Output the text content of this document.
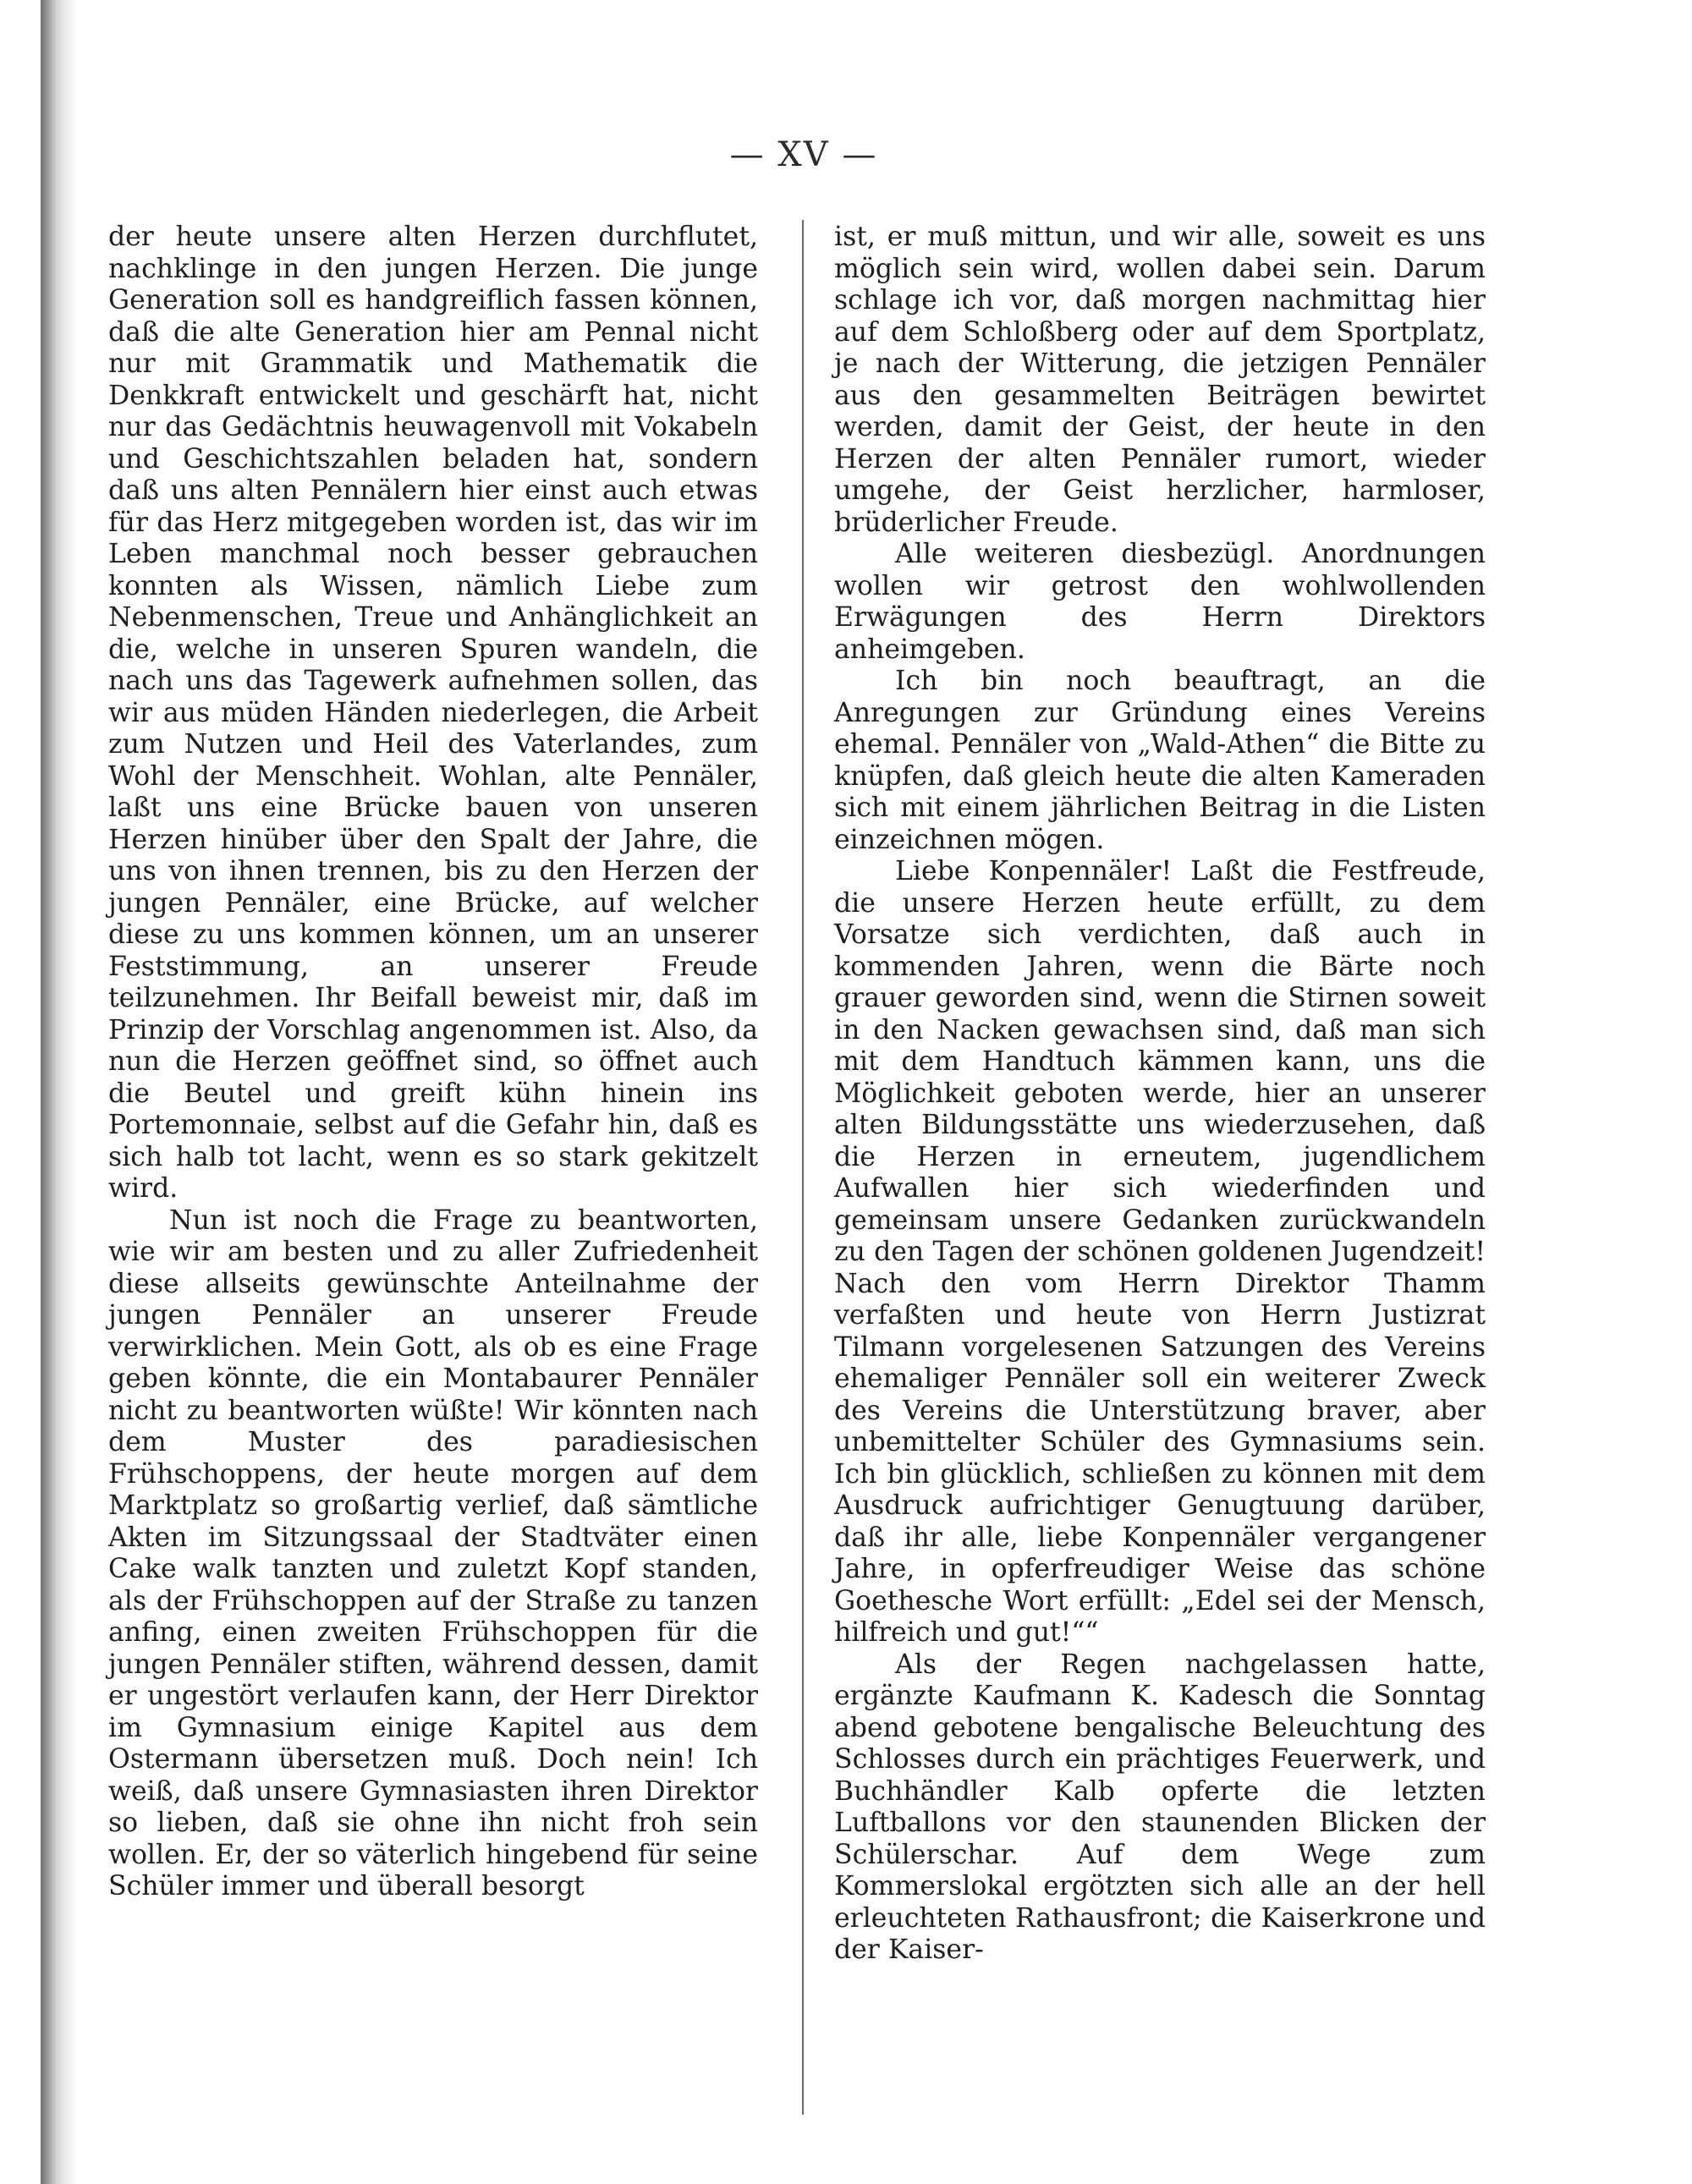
— XV —

der heute unsere alten Herzen durchflutet, nachklinge in den jungen Herzen. Die junge Generation soll es handgreiflich fassen können, daß die alte Generation hier am Pennal nicht nur mit Grammatik und Mathematik die Denkkraft entwickelt und geschärft hat, nicht nur das Gedächtnis heuwagenvoll mit Vokabeln und Geschichtszahlen beladen hat, sondern daß uns alten Pennälern hier einst auch etwas für das Herz mitgegeben worden ist, das wir im Leben manchmal noch besser gebrauchen konnten als Wissen, nämlich Liebe zum Nebenmenschen, Treue und Anhänglichkeit an die, welche in unseren Spuren wandeln, die nach uns das Tagewerk aufnehmen sollen, das wir aus müden Händen niederlegen, die Arbeit zum Nutzen und Heil des Vaterlandes, zum Wohl der Menschheit. Wohlan, alte Pennäler, laßt uns eine Brücke bauen von unseren Herzen hinüber über den Spalt der Jahre, die uns von ihnen trennen, bis zu den Herzen der jungen Pennäler, eine Brücke, auf welcher diese zu uns kommen können, um an unserer Feststimmung, an unserer Freude teilzunehmen. Ihr Beifall beweist mir, daß im Prinzip der Vorschlag angenommen ist. Also, da nun die Herzen geöffnet sind, so öffnet auch die Beutel und greift kühn hinein ins Portemonnaie, selbst auf die Gefahr hin, daß es sich halb tot lacht, wenn es so stark gekitzelt wird.

Nun ist noch die Frage zu beantworten, wie wir am besten und zu aller Zufriedenheit diese allseits gewünschte Anteilnahme der jungen Pennäler an unserer Freude verwirklichen. Mein Gott, als ob es eine Frage geben könnte, die ein Montabaurer Pennäler nicht zu beantworten wüßte! Wir könnten nach dem Muster des paradiesischen Frühschoppens, der heute morgen auf dem Marktplatz so großartig verlief, daß sämtliche Akten im Sitzungssaal der Stadtväter einen Cake walk tanzten und zuletzt Kopf standen, als der Frühschoppen auf der Straße zu tanzen anfing, einen zweiten Frühschoppen für die jungen Pennäler stiften, während dessen, damit er ungestört verlaufen kann, der Herr Direktor im Gymnasium einige Kapitel aus dem Ostermann übersetzen muß. Doch nein! Ich weiß, daß unsere Gymnasiasten ihren Direktor so lieben, daß sie ohne ihn nicht froh sein wollen. Er, der so väterlich hingebend für seine Schüler immer und überall besorgt

ist, er muß mittun, und wir alle, soweit es uns möglich sein wird, wollen dabei sein. Darum schlage ich vor, daß morgen nachmittag hier auf dem Schloßberg oder auf dem Sportplatz, je nach der Witterung, die jetzigen Pennäler aus den gesammelten Beiträgen bewirtet werden, damit der Geist, der heute in den Herzen der alten Pennäler rumort, wieder umgehe, der Geist herzlicher, harmloser, brüderlicher Freude.

Alle weiteren diesbezügl. Anordnungen wollen wir getrost den wohlwollenden Erwägungen des Herrn Direktors anheimgeben.

Ich bin noch beauftragt, an die Anregungen zur Gründung eines Vereins ehemal. Pennäler von „Wald-Athen“ die Bitte zu knüpfen, daß gleich heute die alten Kameraden sich mit einem jährlichen Beitrag in die Listen einzeichnen mögen.

Liebe Konpennäler! Laßt die Festfreude, die unsere Herzen heute erfüllt, zu dem Vorsatze sich verdichten, daß auch in kommenden Jahren, wenn die Bärte noch grauer geworden sind, wenn die Stirnen soweit in den Nacken gewachsen sind, daß man sich mit dem Handtuch kämmen kann, uns die Möglichkeit geboten werde, hier an unserer alten Bildungsstätte uns wiederzusehen, daß die Herzen in erneutem, jugendlichem Aufwallen hier sich wiederfinden und gemeinsam unsere Gedanken zurückwandeln zu den Tagen der schönen goldenen Jugendzeit! Nach den vom Herrn Direktor Thamm verfaßten und heute von Herrn Justizrat Tilmann vorgelesenen Satzungen des Vereins ehemaliger Pennäler soll ein weiterer Zweck des Vereins die Unterstützung braver, aber unbemittelter Schüler des Gymnasiums sein. Ich bin glücklich, schließen zu können mit dem Ausdruck aufrichtiger Genugtuung darüber, daß ihr alle, liebe Konpennäler vergangener Jahre, in opferfreudiger Weise das schöne Goethesche Wort erfüllt: „Edel sei der Mensch, hilfreich und gut!““

Als der Regen nachgelassen hatte, ergänzte Kaufmann K. Kadesch die Sonntag abend gebotene bengalische Beleuchtung des Schlosses durch ein prächtiges Feuerwerk, und Buchhändler Kalb opferte die letzten Luftballons vor den staunenden Blicken der Schülerschar. Auf dem Wege zum Kommerslokal ergötzten sich alle an der hell erleuchteten Rathausfront; die Kaiserkrone und der Kaiser-
